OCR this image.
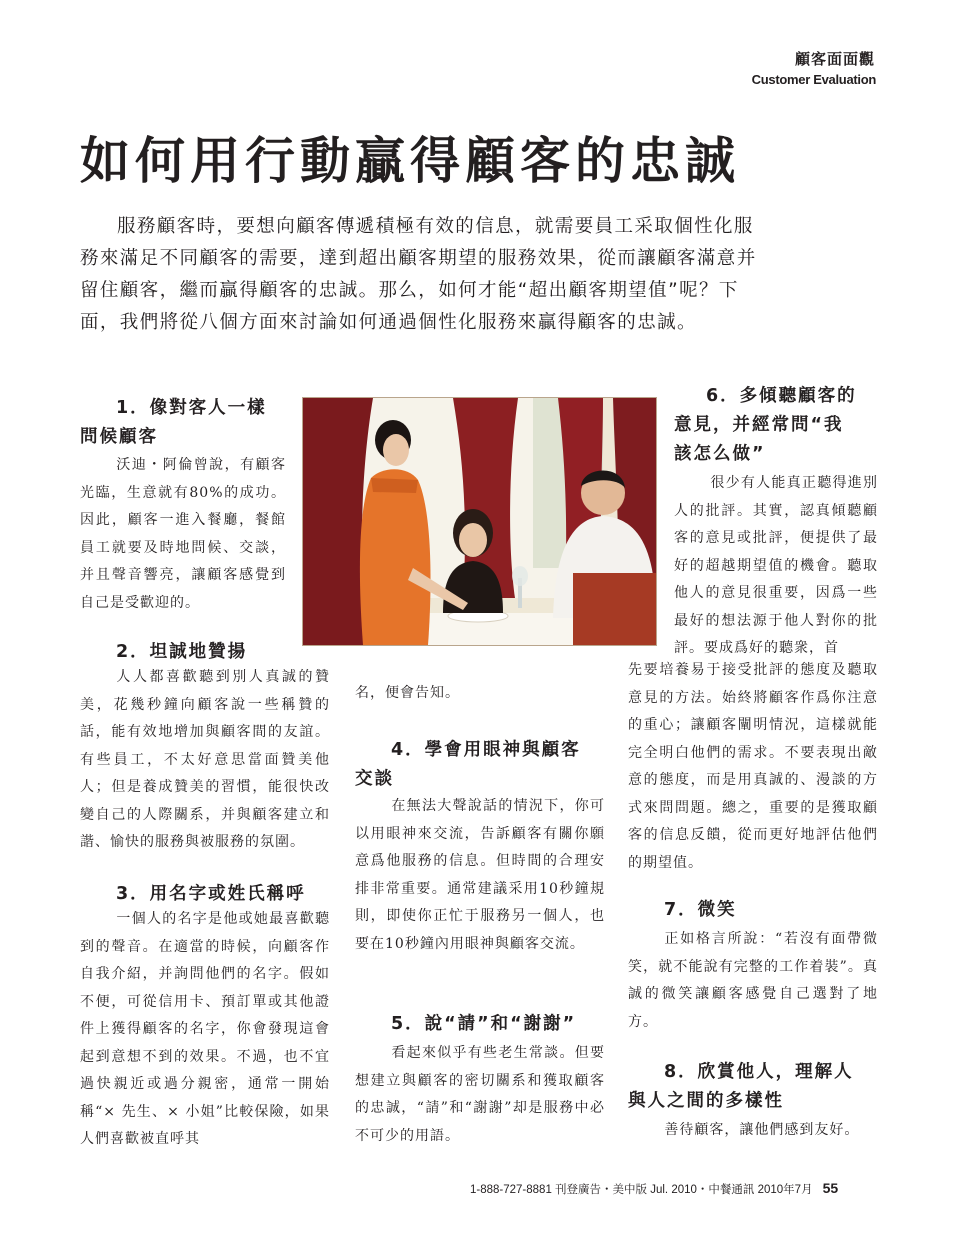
顧客面面觀
Customer Evaluation
如何用行動贏得顧客的忠誠

服務顧客時，要想向顧客傳遞積極有效的信息，就需要員工采取個性化服務來滿足不同顧客的需要，達到超出顧客期望的服務效果，從而讓顧客滿意并留住顧客，繼而贏得顧客的忠誠。那么，如何才能“超出顧客期望值”呢？下面，我們將從八個方面來討論如何通過個性化服務來贏得顧客的忠誠。

1．像對客人一樣

問候顧客

沃迪・阿倫曾說，有顧客光臨，生意就有80%的成功。因此，顧客一進入餐廳，餐館員工就要及時地問候、交談，并且聲音響亮，讓顧客感覺到自己是受歡迎的。

2．坦誠地贊揚

人人都喜歡聽到別人真誠的贊美，花幾秒鐘向顧客說一些稱贊的話，能有效地增加與顧客間的友誼。有些員工，不太好意思當面贊美他人；但是養成贊美的習慣，能很快改變自己的人際關系，并與顧客建立和諧、愉快的服務與被服務的氛圍。

3．用名字或姓氏稱呼

一個人的名字是他或她最喜歡聽到的聲音。在適當的時候，向顧客作自我介紹，并詢問他們的名字。假如不便，可從信用卡、預訂單或其他證件上獲得顧客的名字，你會發現這會起到意想不到的效果。不過，也不宜過快親近或過分親密，通常一開始稱“× 先生、× 小姐”比較保險，如果人們喜歡被直呼其

名，便會告知。

4．學會用眼神與顧客

交談

在無法大聲說話的情況下，你可以用眼神來交流，告訴顧客有關你願意爲他服務的信息。但時間的合理安排非常重要。通常建議采用10秒鐘規則，即使你正忙于服務另一個人，也要在10秒鐘內用眼神與顧客交流。

5．說“請”和“謝謝”

看起來似乎有些老生常談。但要想建立與顧客的密切關系和獲取顧客的忠誠，“請”和“謝謝”却是服務中必不可少的用語。

6．多傾聽顧客的

意見，并經常問“我

該怎么做”

很少有人能真正聽得進別人的批評。其實，認真傾聽顧客的意見或批評，便提供了最好的超越期望值的機會。聽取他人的意見很重要，因爲一些最好的想法源于他人對你的批評。要成爲好的聽衆，首

先要培養易于接受批評的態度及聽取意見的方法。始終將顧客作爲你注意的重心；讓顧客闡明情況，這樣就能完全明白他們的需求。不要表現出敵意的態度，而是用真誠的、漫談的方式來問問題。總之，重要的是獲取顧客的信息反饋，從而更好地評估他們的期望值。

7．微笑

正如格言所說：“若沒有面帶微笑，就不能說有完整的工作着裝”。真誠的微笑讓顧客感覺自己選對了地方。

8．欣賞他人，理解人

與人之間的多樣性

善待顧客，讓他們感到友好。

1-888-727-8881 刊登廣告・美中版 Jul. 2010・中餐通訊 2010年7月 55
